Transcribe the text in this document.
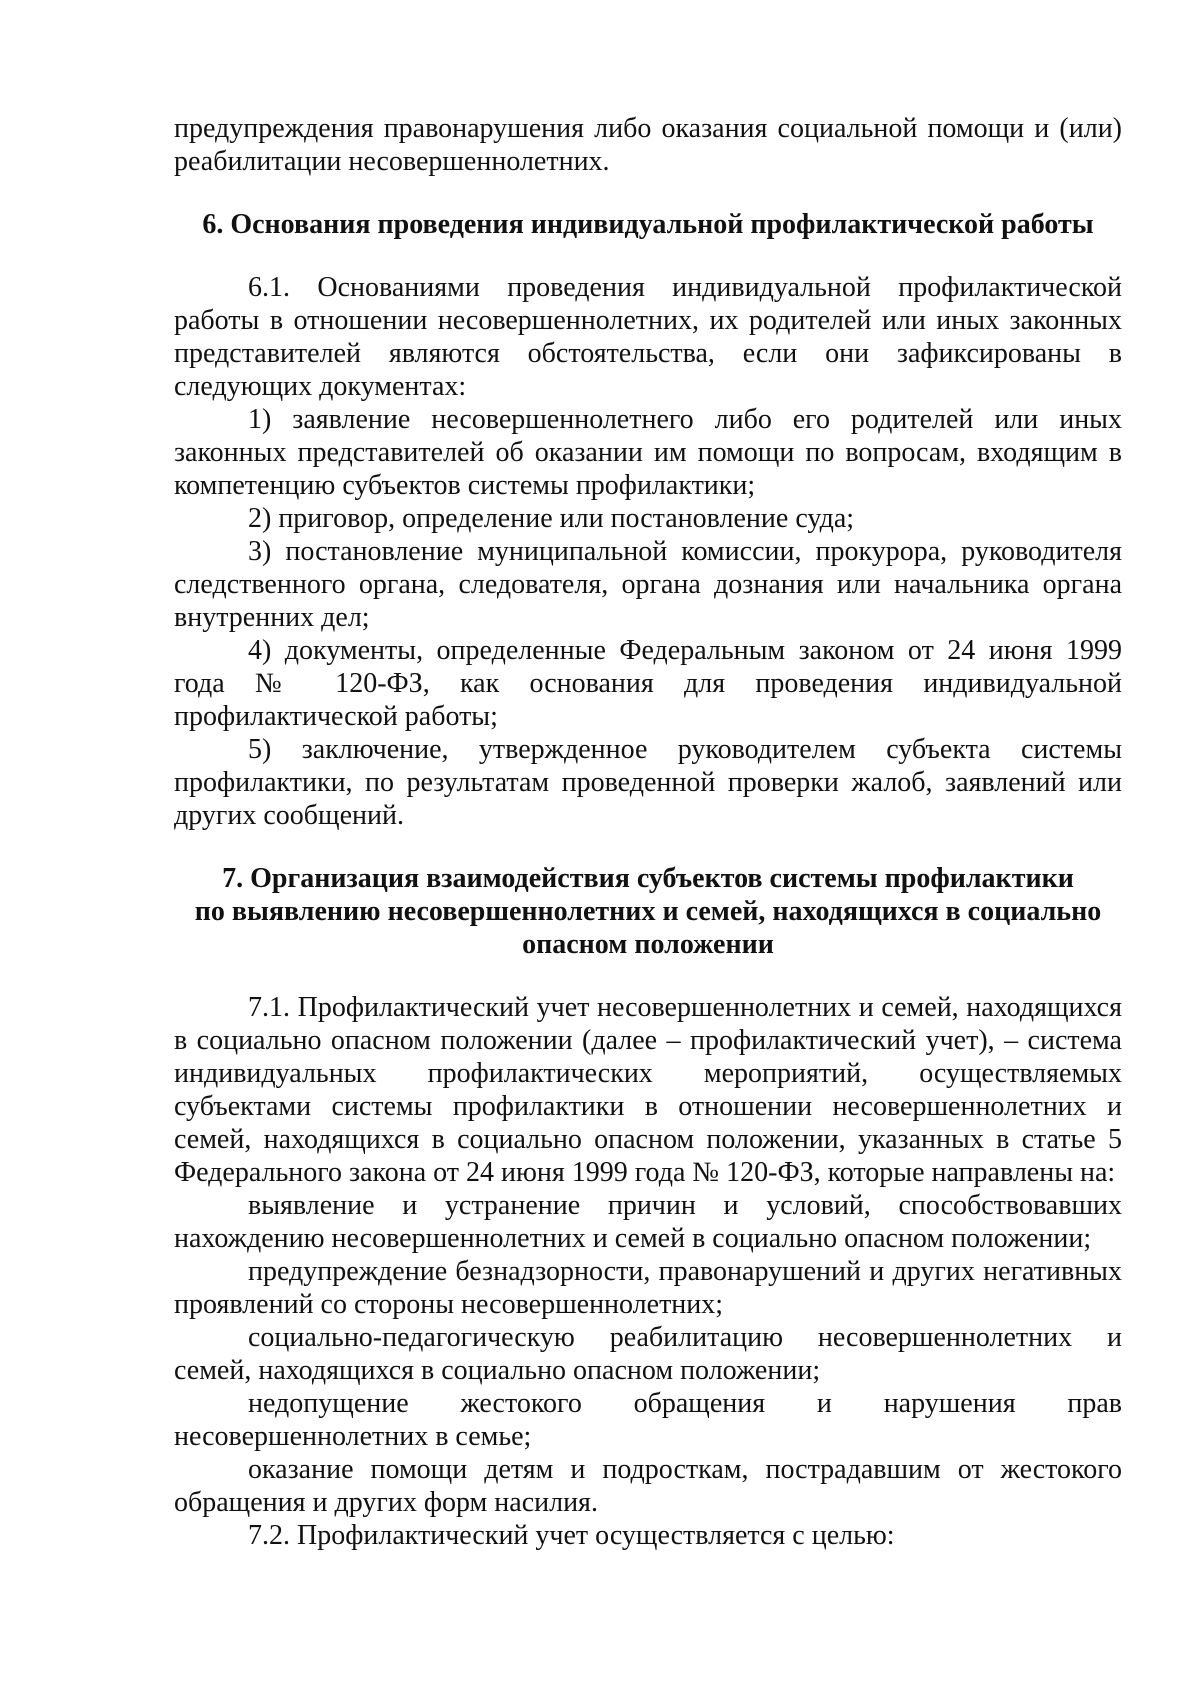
предупреждения правонарушения либо оказания социальной помощи и (или) реабилитации несовершеннолетних.

6. Основания проведения индивидуальной профилактической работы

6.1. Основаниями проведения индивидуальной профилактической работы в отношении несовершеннолетних, их родителей или иных законных представителей являются обстоятельства, если они зафиксированы в следующих документах:

1) заявление несовершеннолетнего либо его родителей или иных законных представителей об оказании им помощи по вопросам, входящим в компетенцию субъектов системы профилактики;

2) приговор, определение или постановление суда;

3) постановление муниципальной комиссии, прокурора, руководителя следственного органа, следователя, органа дознания или начальника органа внутренних дел;

4) документы, определенные Федеральным законом от 24 июня 1999 года № 120-ФЗ, как основания для проведения индивидуальной профилактической работы;

5) заключение, утвержденное руководителем субъекта системы профилактики, по результатам проведенной проверки жалоб, заявлений или других сообщений.

7. Организация взаимодействия субъектов системы профилактики

по выявлению несовершеннолетних и семей, находящихся в социально

опасном положении

7.1. Профилактический учет несовершеннолетних и семей, находящихся в социально опасном положении (далее – профилактический учет), – система индивидуальных профилактических мероприятий, осуществляемых субъектами системы профилактики в отношении несовершеннолетних и семей, находящихся в социально опасном положении, указанных в статье 5 Федерального закона от 24 июня 1999 года № 120-ФЗ, которые направлены на:

выявление и устранение причин и условий, способствовавших нахождению несовершеннолетних и семей в социально опасном положении;

предупреждение безнадзорности, правонарушений и других негативных проявлений со стороны несовершеннолетних;

социально-педагогическую реабилитацию несовершеннолетних и семей, находящихся в социально опасном положении;

недопущение жестокого обращения и нарушения прав несовершеннолетних в семье;

оказание помощи детям и подросткам, пострадавшим от жестокого обращения и других форм насилия.

7.2. Профилактический учет осуществляется с целью:
